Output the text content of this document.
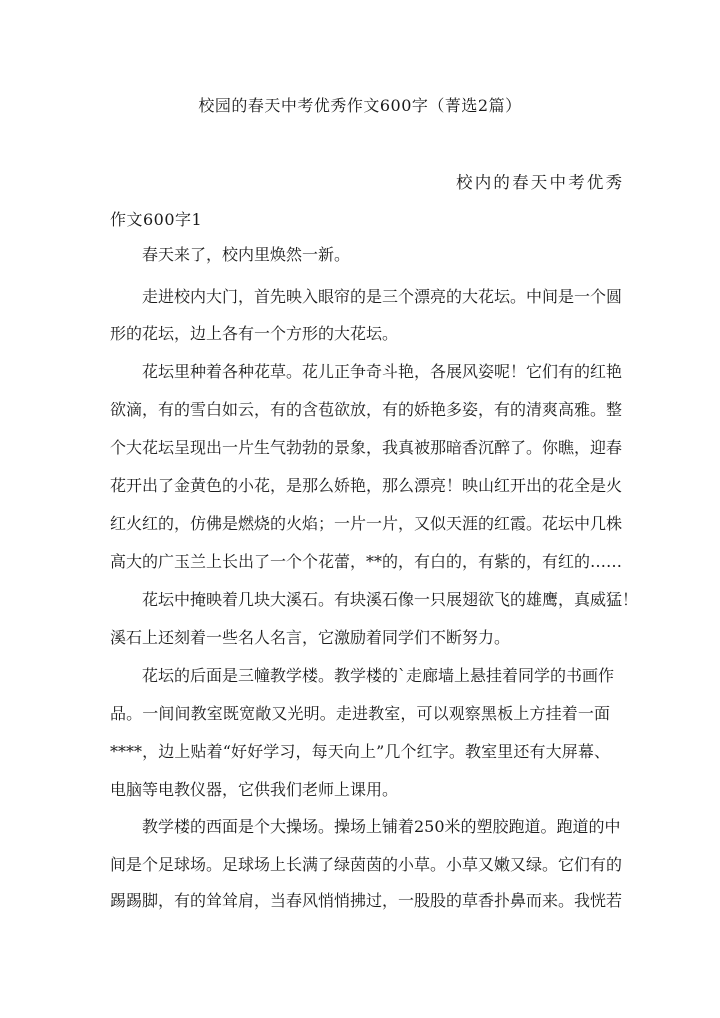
校园的春天中考优秀作文600字（菁选2篇）
校内的春天中考优秀
作文600字1
春天来了，校内里焕然一新。
走进校内大门，首先映入眼帘的是三个漂亮的大花坛。中间是一个圆
形的花坛，边上各有一个方形的大花坛。
花坛里种着各种花草。花儿正争奇斗艳，各展风姿呢！它们有的红艳
欲滴，有的雪白如云，有的含苞欲放，有的娇艳多姿，有的清爽高雅。整
个大花坛呈现出一片生气勃勃的景象，我真被那暗香沉醉了。你瞧，迎春
花开出了金黄色的小花，是那么娇艳，那么漂亮！映山红开出的花全是火
红火红的，仿佛是燃烧的火焰；一片一片，又似天涯的红霞。花坛中几株
高大的广玉兰上长出了一个个花蕾，**的，有白的，有紫的，有红的……
花坛中掩映着几块大溪石。有块溪石像一只展翅欲飞的雄鹰，真威猛！
溪石上还刻着一些名人名言，它激励着同学们不断努力。
花坛的后面是三幢教学楼。教学楼的`走廊墙上悬挂着同学的书画作
品。一间间教室既宽敞又光明。走进教室，可以观察黑板上方挂着一面
****，边上贴着“好好学习，每天向上”几个红字。教室里还有大屏幕、
电脑等电教仪器，它供我们老师上课用。
教学楼的西面是个大操场。操场上铺着250米的塑胶跑道。跑道的中
间是个足球场。足球场上长满了绿茵茵的小草。小草又嫩又绿。它们有的
踢踢脚，有的耸耸肩，当春风悄悄拂过，一股股的草香扑鼻而来。我恍若
